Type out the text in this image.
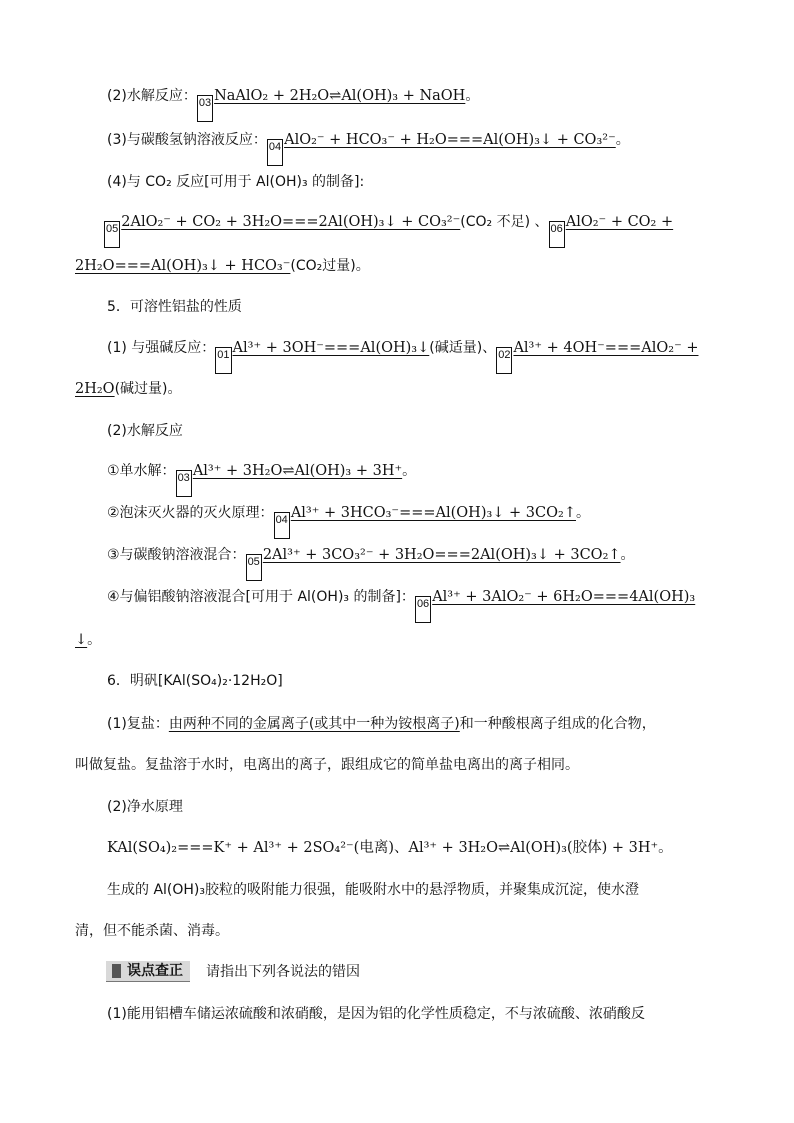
(2)水解反应： 03 NaAlO₂ + 2H₂O⇌Al(OH)₃ + NaOH。
(3)与碳酸氢钠溶液反应： 04 AlO₂⁻ + HCO₃⁻ + H₂O===Al(OH)₃↓ + CO₃²⁻。
(4)与 CO₂ 反应[可用于 Al(OH)₃ 的制备]:
05 2AlO₂⁻ + CO₂ + 3H₂O===2Al(OH)₃↓ + CO₃²⁻(CO₂ 不足) 、 06 AlO₂⁻ + CO₂ +
2H₂O===Al(OH)₃↓ + HCO₃⁻(CO₂过量)。
5．可溶性铝盐的性质
(1) 与强碱反应： 01 Al³⁺ + 3OH⁻===Al(OH)₃↓(碱适量)、 02 Al³⁺ + 4OH⁻===AlO₂⁻ +
2H₂O(碱过量)。
(2)水解反应
①单水解： 03 Al³⁺ + 3H₂O⇌Al(OH)₃ + 3H⁺。
②泡沫灭火器的灭火原理： 04 Al³⁺ + 3HCO₃⁻===Al(OH)₃↓ + 3CO₂↑。
③与碳酸钠溶液混合： 05 2Al³⁺ + 3CO₃²⁻ + 3H₂O===2Al(OH)₃↓ + 3CO₂↑。
④与偏铝酸钠溶液混合[可用于 Al(OH)₃ 的制备]： 06 Al³⁺ + 3AlO₂⁻ + 6H₂O===4Al(OH)₃
↓。
6．明矾[KAl(SO₄)₂·12H₂O]
(1)复盐：由两种不同的金属离子(或其中一种为铵根离子)和一种酸根离子组成的化合物，
叫做复盐。复盐溶于水时，电离出的离子，跟组成它的简单盐电离出的离子相同。
(2)净水原理
KAl(SO₄)₂===K⁺ + Al³⁺ + 2SO₄²⁻(电离)、Al³⁺ + 3H₂O⇌Al(OH)₃(胶体) + 3H⁺。
生成的 Al(OH)₃胶粒的吸附能力很强，能吸附水中的悬浮物质，并聚集成沉淀，使水澄
清，但不能杀菌、消毒。
误点查正 请指出下列各说法的错因
(1)能用铝槽车储运浓硫酸和浓硝酸，是因为铝的化学性质稳定，不与浓硫酸、浓硝酸反
